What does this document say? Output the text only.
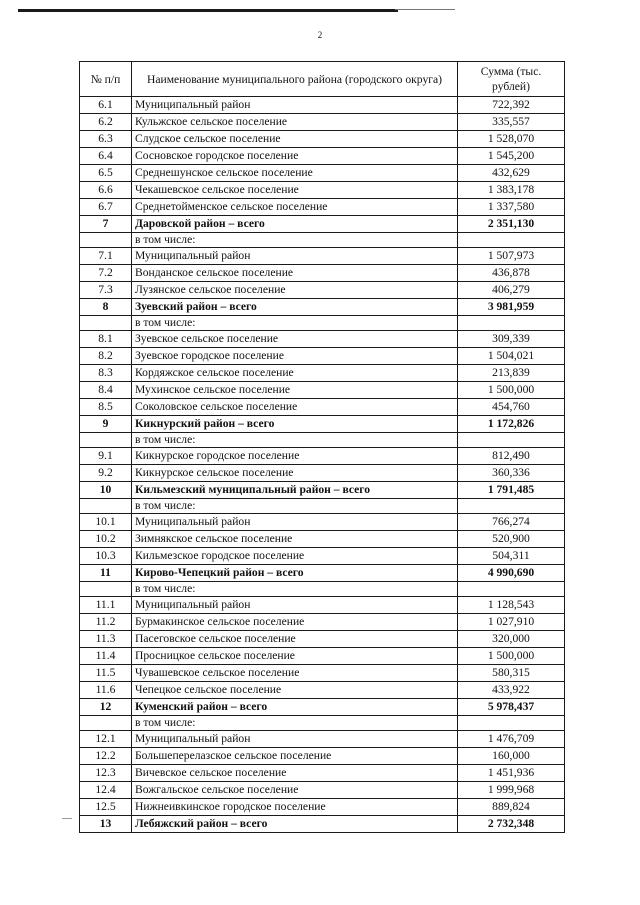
2
№ п/п	Наименование муниципального района (городского округа)	Сумма (тыс. рублей)
6.1	Муниципальный район	722,392
6.2	Кульжское сельское поселение	335,557
6.3	Слудское сельское поселение	1 528,070
6.4	Сосновское городское поселение	1 545,200
6.5	Среднешунское сельское поселение	432,629
6.6	Чекашевское сельское поселение	1 383,178
6.7	Среднетойменское сельское поселение	1 337,580
7	Даровской район – всего	2 351,130
	в том числе:	
7.1	Муниципальный район	1 507,973
7.2	Вонданское сельское поселение	436,878
7.3	Лузянское сельское поселение	406,279
8	Зуевский район – всего	3 981,959
	в том числе:	
8.1	Зуевское сельское поселение	309,339
8.2	Зуевское городское поселение	1 504,021
8.3	Кордяжское сельское поселение	213,839
8.4	Мухинское сельское поселение	1 500,000
8.5	Соколовское сельское поселение	454,760
9	Кикнурский район – всего	1 172,826
	в том числе:	
9.1	Кикнурское городское поселение	812,490
9.2	Кикнурское сельское поселение	360,336
10	Кильмезский муниципальный район – всего	1 791,485
	в том числе:	
10.1	Муниципальный район	766,274
10.2	Зимнякское сельское поселение	520,900
10.3	Кильмезское городское поселение	504,311
11	Кирово-Чепецкий район – всего	4 990,690
	в том числе:	
11.1	Муниципальный район	1 128,543
11.2	Бурмакинское сельское поселение	1 027,910
11.3	Пасеговское сельское поселение	320,000
11.4	Просницкое сельское поселение	1 500,000
11.5	Чувашевское сельское поселение	580,315
11.6	Чепецкое сельское поселение	433,922
12	Куменский район – всего	5 978,437
	в том числе:	
12.1	Муниципальный район	1 476,709
12.2	Большеперелазское сельское поселение	160,000
12.3	Вичевское сельское поселение	1 451,936
12.4	Вожгальское сельское поселение	1 999,968
12.5	Нижнеивкинское городское поселение	889,824
13	Лебяжский район – всего	2 732,348
